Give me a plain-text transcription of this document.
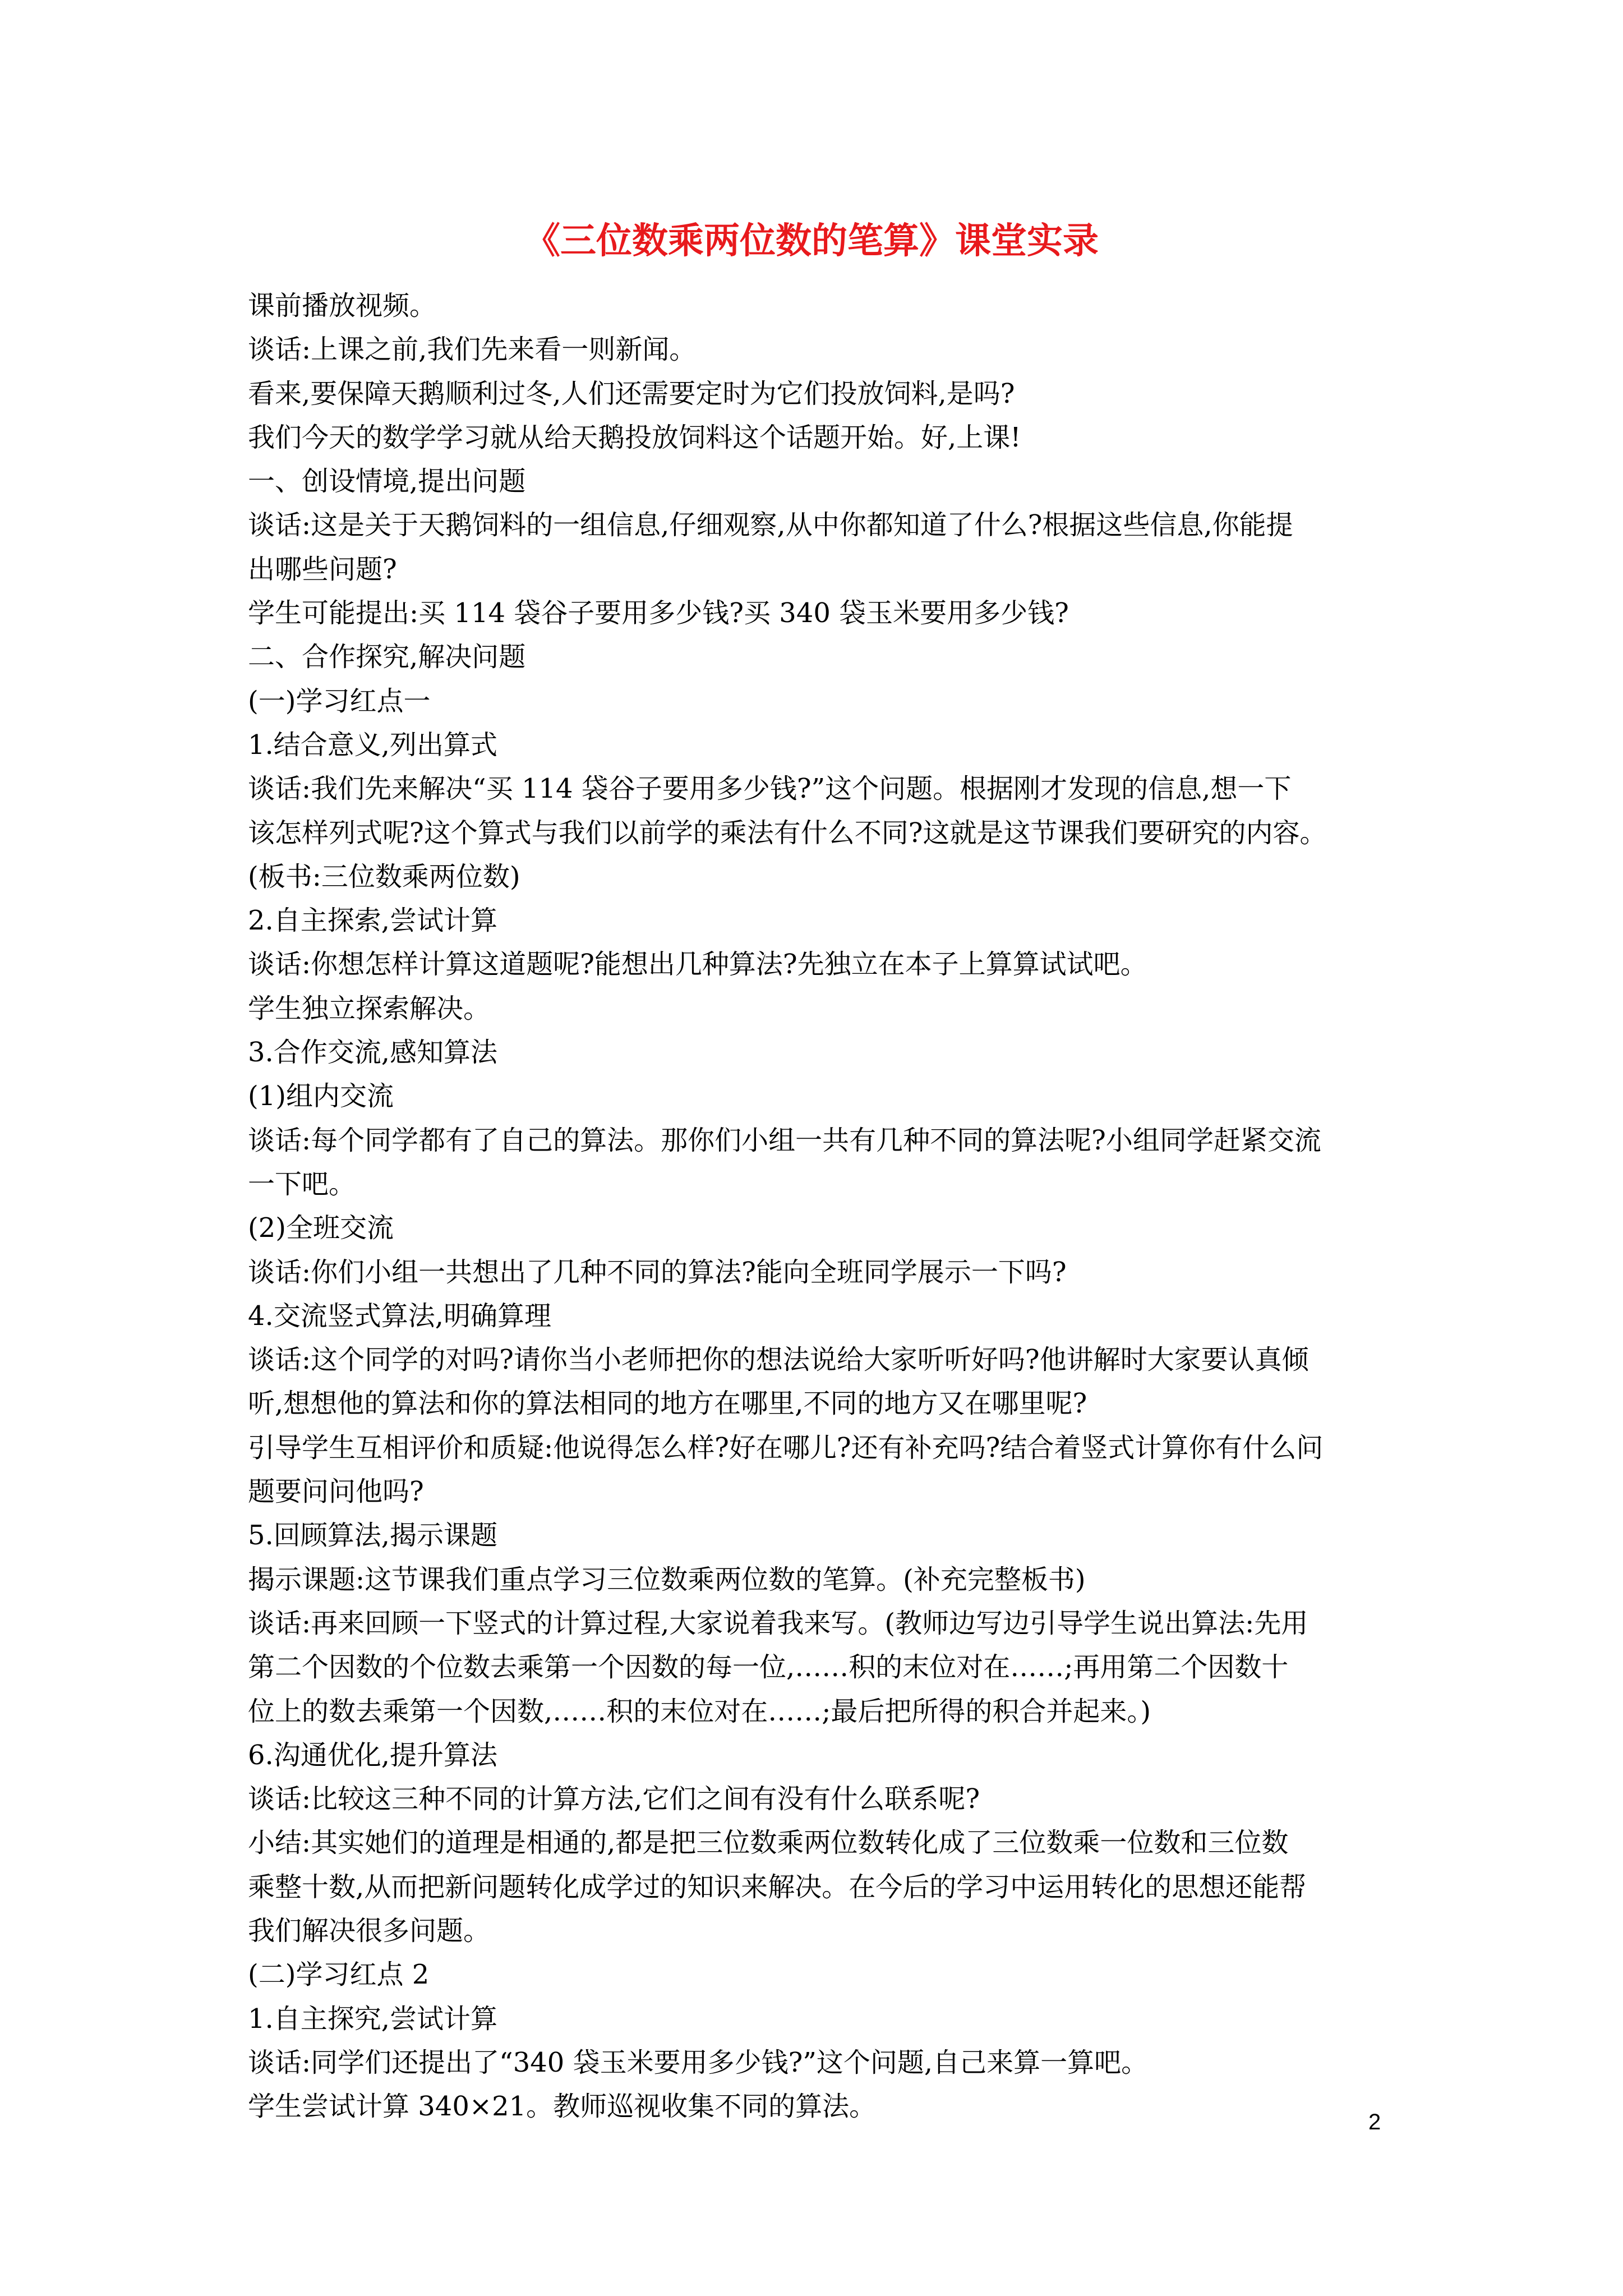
《三位数乘两位数的笔算》课堂实录

课前播放视频。

谈话:上课之前,我们先来看一则新闻。

看来,要保障天鹅顺利过冬,人们还需要定时为它们投放饲料,是吗?

我们今天的数学学习就从给天鹅投放饲料这个话题开始。好,上课!

一、创设情境,提出问题

谈话:这是关于天鹅饲料的一组信息,仔细观察,从中你都知道了什么?根据这些信息,你能提

出哪些问题?

学生可能提出:买 114 袋谷子要用多少钱?买 340 袋玉米要用多少钱?

二、合作探究,解决问题

(一)学习红点一

1.结合意义,列出算式

谈话:我们先来解决“买 114 袋谷子要用多少钱?”这个问题。根据刚才发现的信息,想一下

该怎样列式呢?这个算式与我们以前学的乘法有什么不同?这就是这节课我们要研究的内容。

(板书:三位数乘两位数)

2.自主探索,尝试计算

谈话:你想怎样计算这道题呢?能想出几种算法?先独立在本子上算算试试吧。

学生独立探索解决。

3.合作交流,感知算法

(1)组内交流

谈话:每个同学都有了自己的算法。那你们小组一共有几种不同的算法呢?小组同学赶紧交流

一下吧。

(2)全班交流

谈话:你们小组一共想出了几种不同的算法?能向全班同学展示一下吗?

4.交流竖式算法,明确算理

谈话:这个同学的对吗?请你当小老师把你的想法说给大家听听好吗?他讲解时大家要认真倾

听,想想他的算法和你的算法相同的地方在哪里,不同的地方又在哪里呢?

引导学生互相评价和质疑:他说得怎么样?好在哪儿?还有补充吗?结合着竖式计算你有什么问

题要问问他吗?

5.回顾算法,揭示课题

揭示课题:这节课我们重点学习三位数乘两位数的笔算。(补充完整板书)

谈话:再来回顾一下竖式的计算过程,大家说着我来写。(教师边写边引导学生说出算法:先用

第二个因数的个位数去乘第一个因数的每一位,……积的末位对在……;再用第二个因数十

位上的数去乘第一个因数,……积的末位对在……;最后把所得的积合并起来。)

6.沟通优化,提升算法

谈话:比较这三种不同的计算方法,它们之间有没有什么联系呢?

小结:其实她们的道理是相通的,都是把三位数乘两位数转化成了三位数乘一位数和三位数

乘整十数,从而把新问题转化成学过的知识来解决。在今后的学习中运用转化的思想还能帮

我们解决很多问题。

(二)学习红点 2

1.自主探究,尝试计算

谈话:同学们还提出了“340 袋玉米要用多少钱?”这个问题,自己来算一算吧。

学生尝试计算 340×21。教师巡视收集不同的算法。	2
